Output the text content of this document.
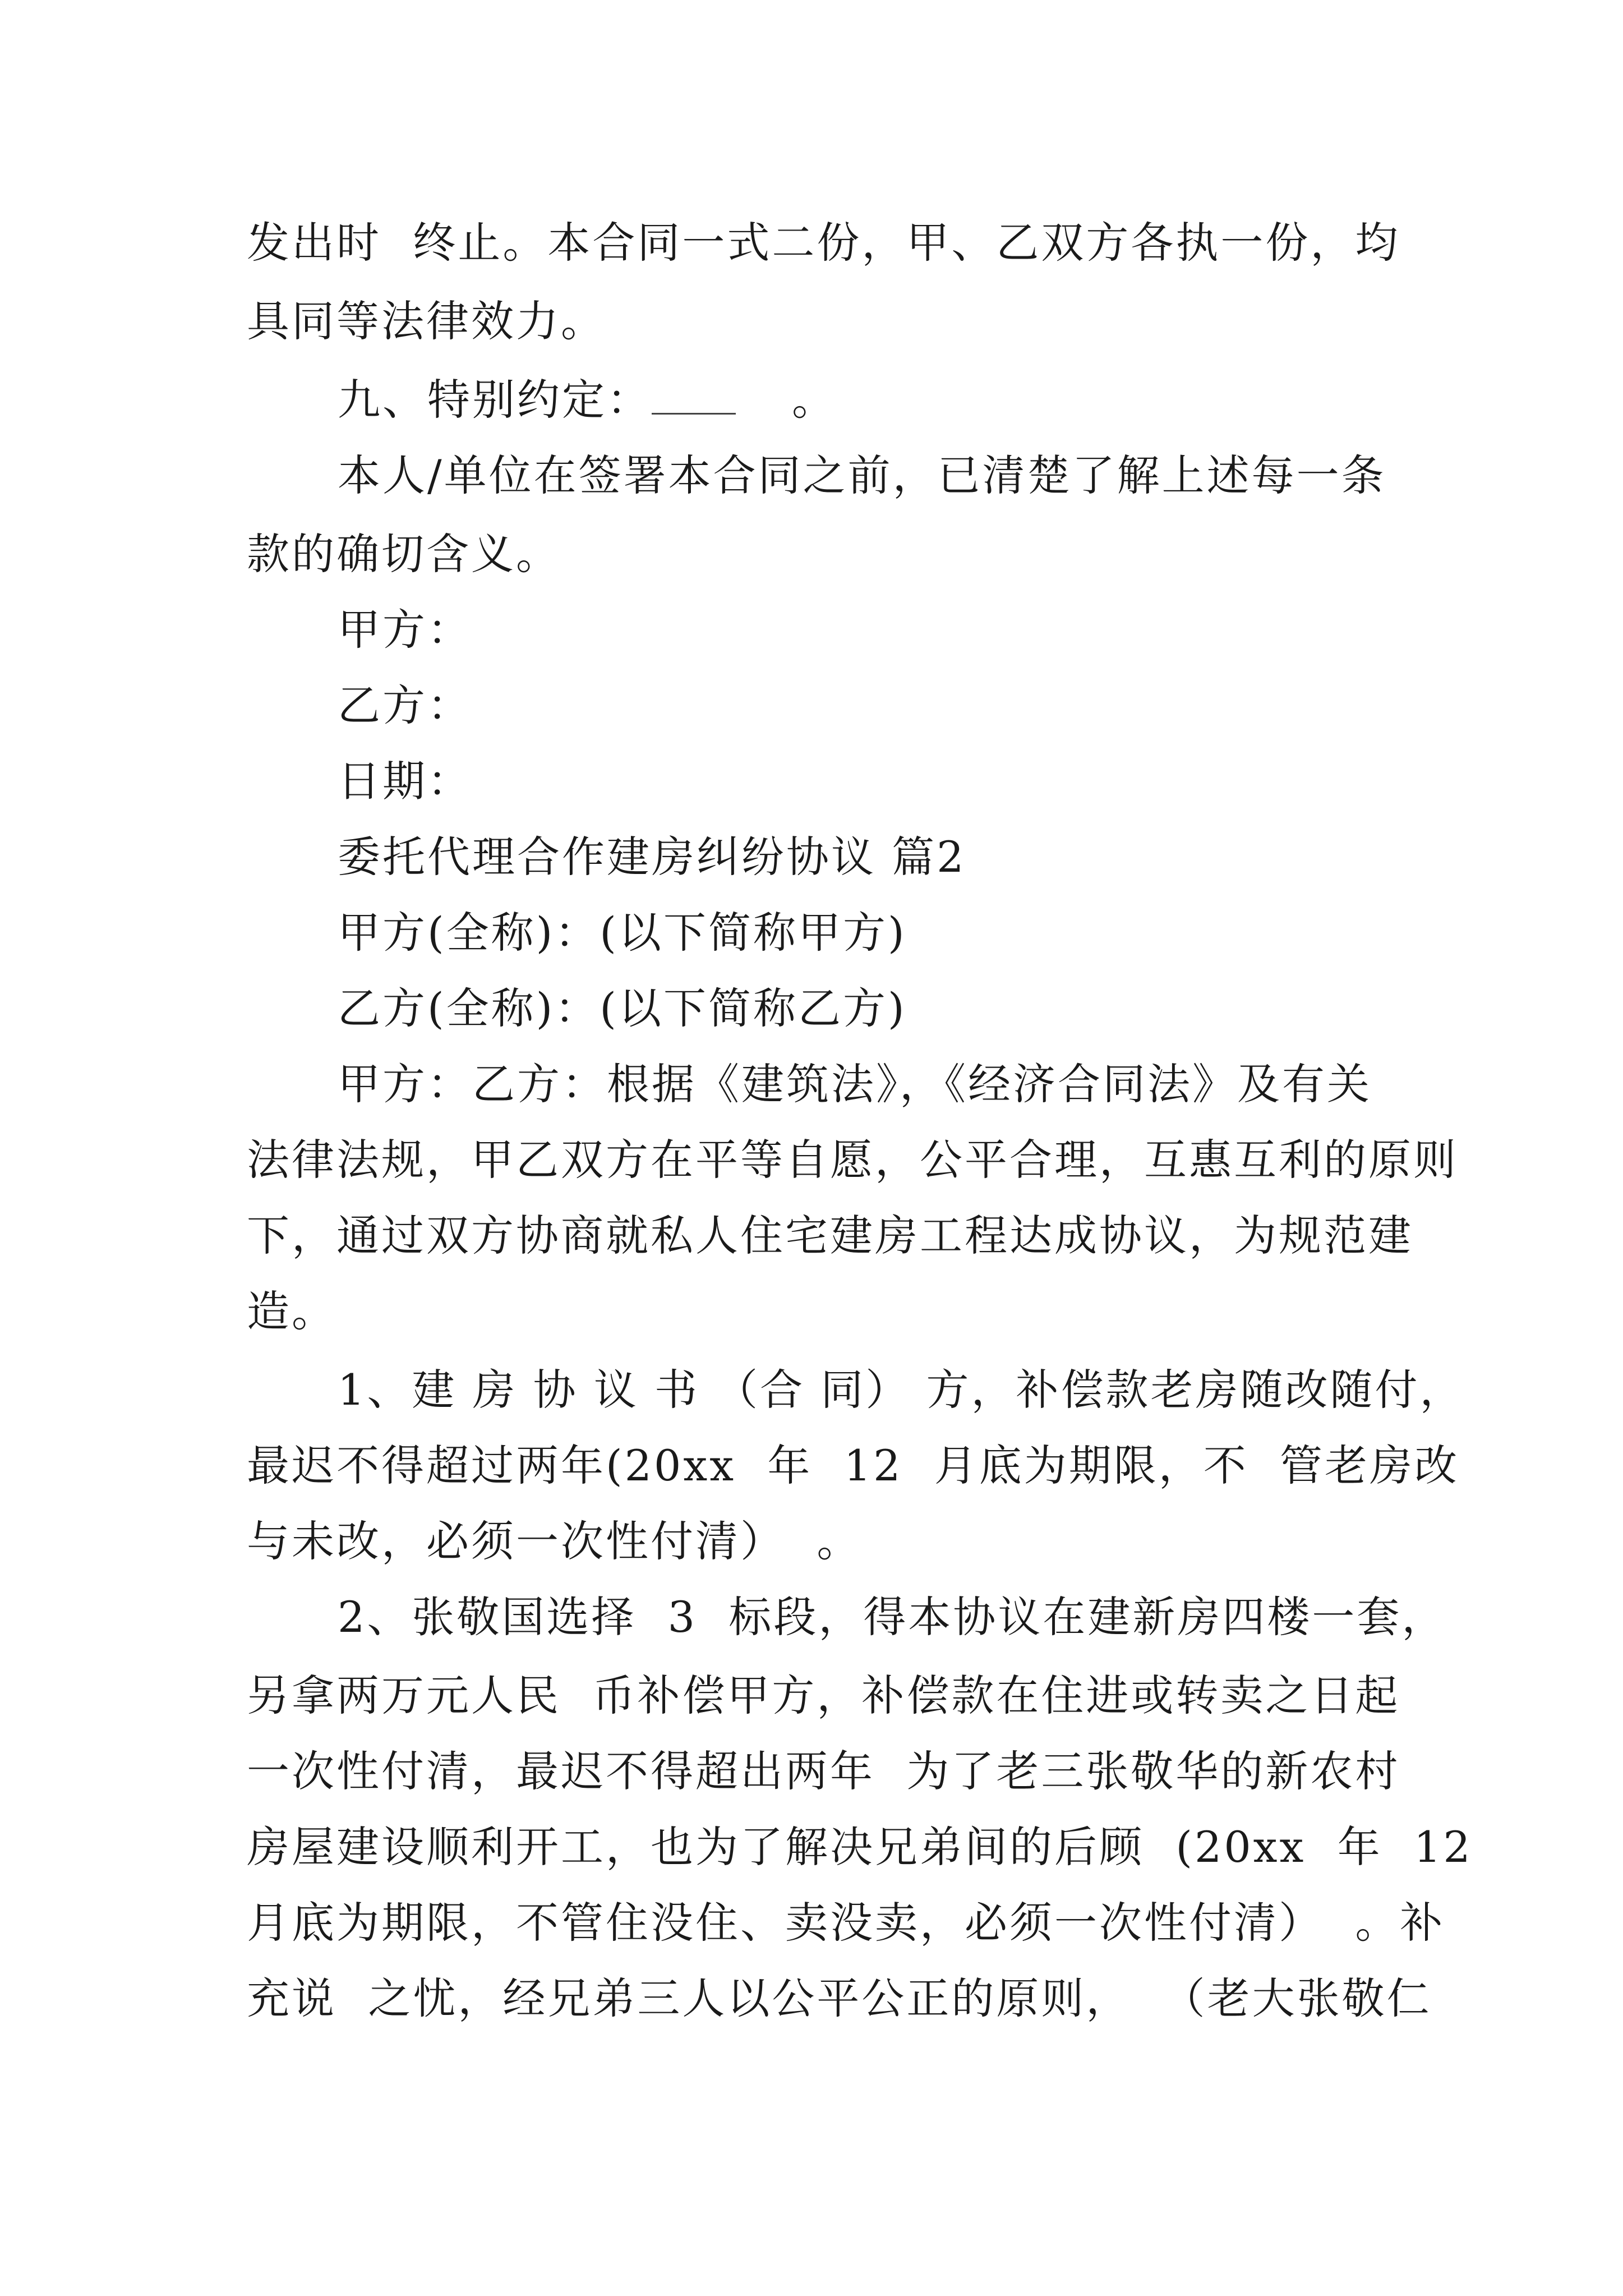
发出时  终止。本合同一式二份，甲、乙双方各执一份，均
具同等法律效力。
九、特别约定：	。
本人/单位在签署本合同之前，已清楚了解上述每一条
款的确切含义。
甲方：
乙方：
日期：
委托代理合作建房纠纷协议 篇2
甲方(全称)：(以下简称甲方)
乙方(全称)：(以下简称乙方)
甲方：乙方：根据《建筑法》，《经济合同法》及有关
法律法规，甲乙双方在平等自愿，公平合理，互惠互利的原则
下，通过双方协商就私人住宅建房工程达成协议，为规范建
造。
1、建 房 协 议 书 （合 同） 方，补偿款老房随改随付，
最迟不得超过两年(20xx  年  12  月底为期限，不  管老房改
与未改，必须一次性付清）  。
2、张敬国选择  3  标段，得本协议在建新房四楼一套，
另拿两万元人民  币补偿甲方，补偿款在住进或转卖之日起
一次性付清，最迟不得超出两年  为了老三张敬华的新农村
房屋建设顺利开工，也为了解决兄弟间的后顾  (20xx  年  12
月底为期限，不管住没住、卖没卖，必须一次性付清）  。补
充说  之忧，经兄弟三人以公平公正的原则，  （老大张敬仁
